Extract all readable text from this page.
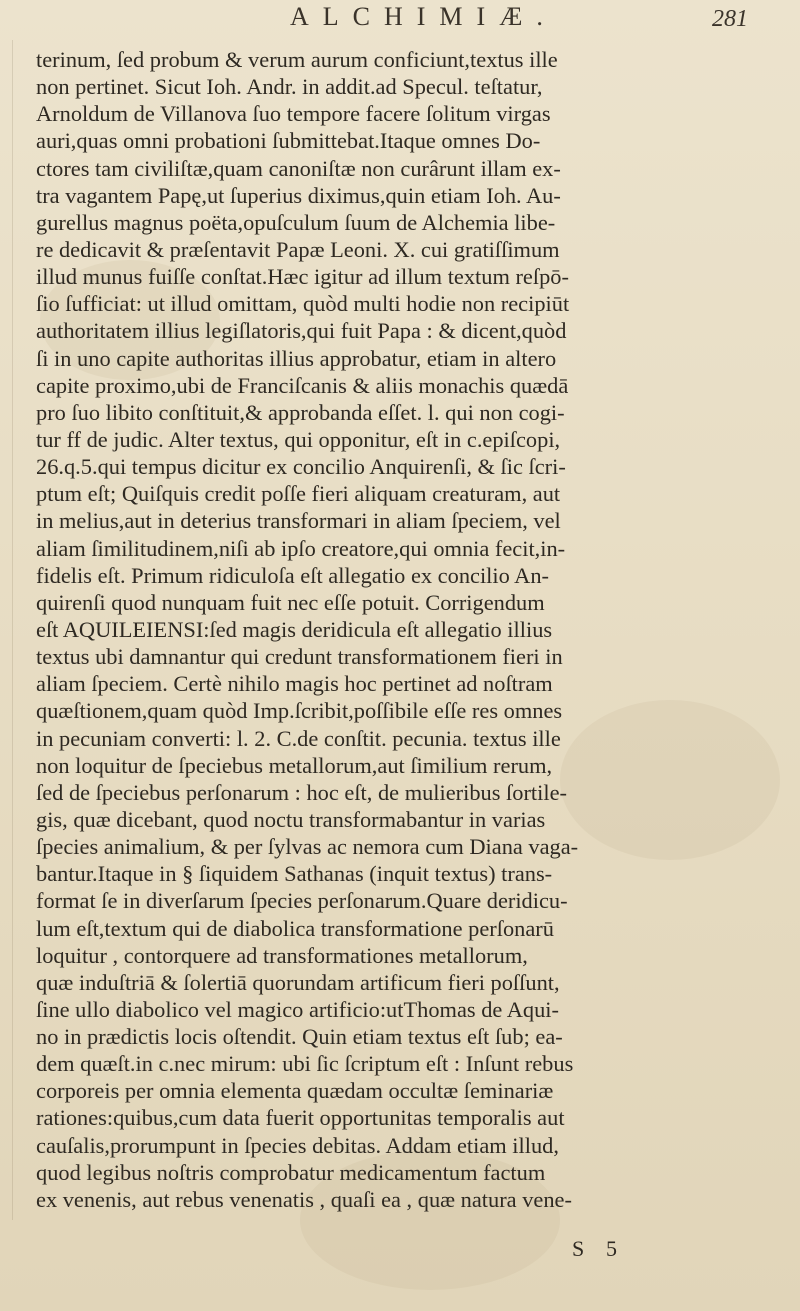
ALCHIMIÆ.	281
terinum, ſed probum & verum aurum conficiunt,textus ille
non pertinet. Sicut Ioh. Andr. in addit.ad Specul. teſtatur,
Arnoldum de Villanova ſuo tempore facere ſolitum virgas
auri,quas omni probationi ſubmittebat.Itaque omnes Do-
ctores tam civiliſtæ,quam canoniſtæ non curârunt illam ex-
tra vagantem Papę,ut ſuperius diximus,quin etiam Ioh. Au-
gurellus magnus poëta,opuſculum ſuum de Alchemia libe-
re dedicavit & præſentavit Papæ Leoni. X. cui gratiſſimum
illud munus fuiſſe conſtat.Hæc igitur ad illum textum reſpō-
ſio ſufficiat: ut illud omittam, quòd multi hodie non recipiūt
authoritatem illius legiſlatoris,qui fuit Papa : & dicent,quòd
ſi in uno capite authoritas illius approbatur, etiam in altero
capite proximo,ubi de Franciſcanis & aliis monachis quædā
pro ſuo libito conſtituit,& approbanda eſſet. l. qui non cogi-
tur ff de judic. Alter textus, qui opponitur, eſt in c.epiſcopi,
26.q.5.qui tempus dicitur ex concilio Anquirenſi, & ſic ſcri-
ptum eſt; Quiſquis credit poſſe fieri aliquam creaturam, aut
in melius,aut in deterius transformari in aliam ſpeciem, vel
aliam ſimilitudinem,niſi ab ipſo creatore,qui omnia fecit,in-
fidelis eſt. Primum ridiculoſa eſt allegatio ex concilio An-
quirenſi quod nunquam fuit nec eſſe potuit. Corrigendum
eſt AQUILEIENSI:ſed magis deridicula eſt allegatio illius
textus ubi damnantur qui credunt transformationem fieri in
aliam ſpeciem. Certè nihilo magis hoc pertinet ad noſtram
quæſtionem,quam quòd Imp.ſcribit,poſſibile eſſe res omnes
in pecuniam converti: l. 2. C.de conſtit. pecunia. textus ille
non loquitur de ſpeciebus metallorum,aut ſimilium rerum,
ſed de ſpeciebus perſonarum : hoc eſt, de mulieribus ſortile-
gis, quæ dicebant, quod noctu transformabantur in varias
ſpecies animalium, & per ſylvas ac nemora cum Diana vaga-
bantur.Itaque in § ſiquidem Sathanas (inquit textus) trans-
format ſe in diverſarum ſpecies perſonarum.Quare deridicu-
lum eſt,textum qui de diabolica transformatione perſonarū
loquitur , contorquere ad transformationes metallorum,
quæ induſtriā & ſolertiā quorundam artificum fieri poſſunt,
ſine ullo diabolico vel magico artificio:utThomas de Aqui-
no in prædictis locis oſtendit. Quin etiam textus eſt ſub; ea-
dem quæſt.in c.nec mirum: ubi ſic ſcriptum eſt : Inſunt rebus
corporeis per omnia elementa quædam occultæ ſeminariæ
rationes:quibus,cum data fuerit opportunitas temporalis aut
cauſalis,prorumpunt in ſpecies debitas. Addam etiam illud,
quod legibus noſtris comprobatur medicamentum factum
ex venenis, aut rebus venenatis , quaſi ea , quæ natura vene-
S 5
